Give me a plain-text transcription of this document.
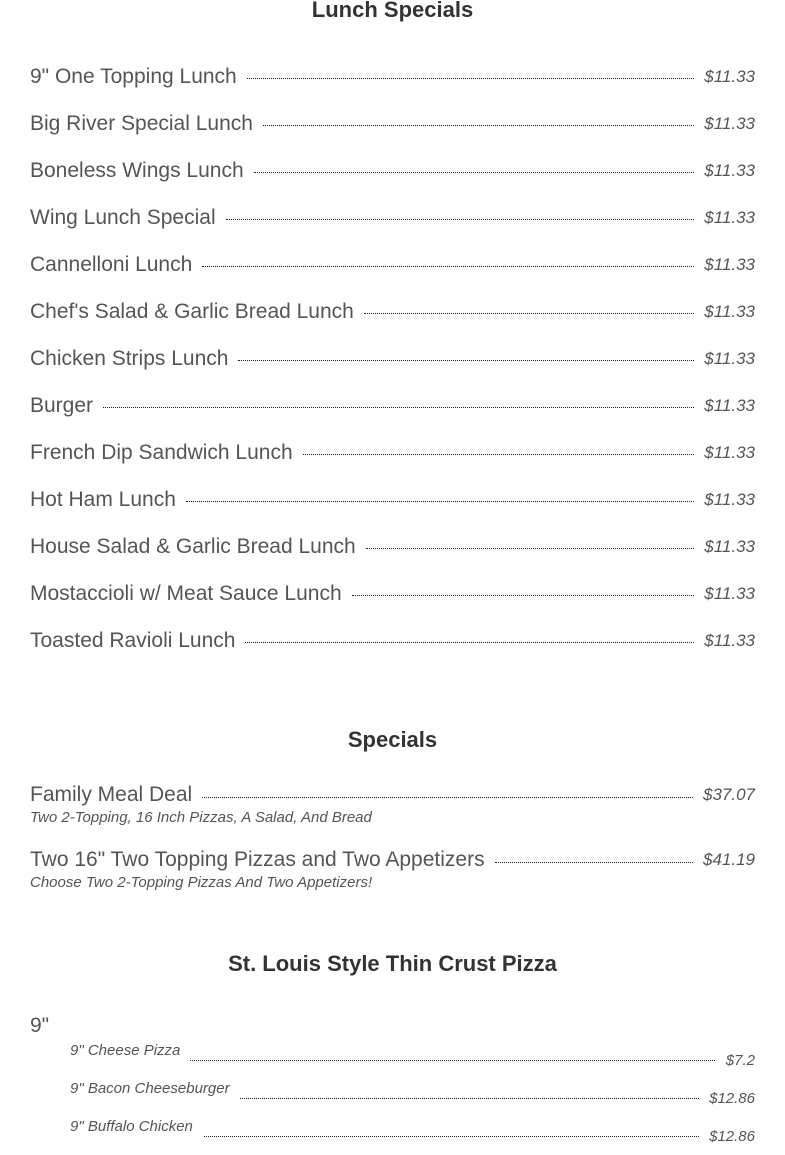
Lunch Specials
9" One Topping Lunch	$11.33
Big River Special Lunch	$11.33
Boneless Wings Lunch	$11.33
Wing Lunch Special	$11.33
Cannelloni Lunch	$11.33
Chef's Salad & Garlic Bread Lunch	$11.33
Chicken Strips Lunch	$11.33
Burger	$11.33
French Dip Sandwich Lunch	$11.33
Hot Ham Lunch	$11.33
House Salad & Garlic Bread Lunch	$11.33
Mostaccioli w/ Meat Sauce Lunch	$11.33
Toasted Ravioli Lunch	$11.33
Specials
Family Meal Deal	$37.07
Two 2-Topping, 16 Inch Pizzas, A Salad, And Bread
Two 16" Two Topping Pizzas and Two Appetizers	$41.19
Choose Two 2-Topping Pizzas And Two Appetizers!
St. Louis Style Thin Crust Pizza
9"
9" Cheese Pizza
$7.2
9" Bacon Cheeseburger
$12.86
9" Buffalo Chicken
$12.86
